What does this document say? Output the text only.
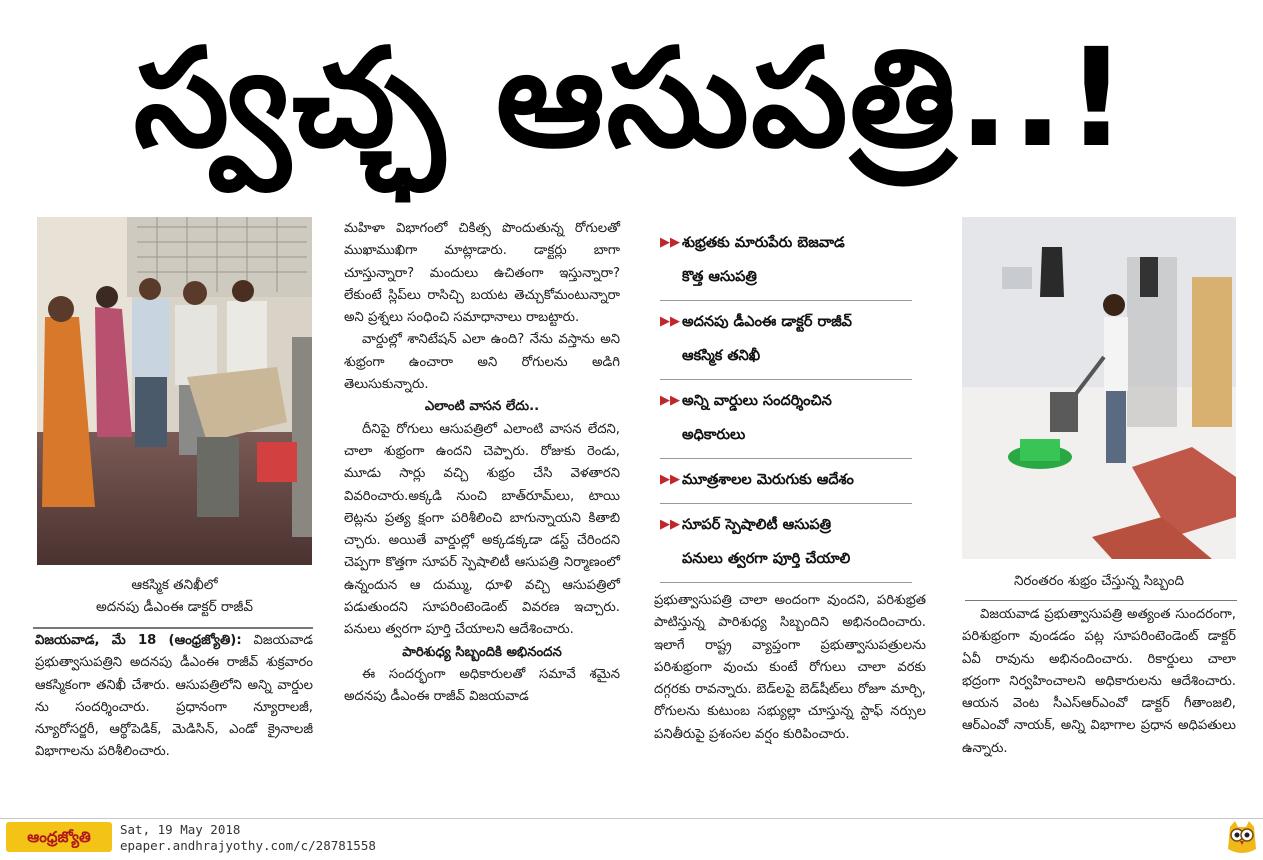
స్వచ్ఛ ఆసుపత్రి..!
ఆకస్మిక తనిఖీలో
అదనపు డీఎంఈ డాక్టర్ రాజీవ్

విజయవాడ, మే 18 (ఆంధ్రజ్యోతి): విజయవాడ ప్రభుత్వాసుపత్రిని అదనపు డీఎంఈ రాజీవ్ శుక్రవారం ఆకస్మికంగా తనిఖీ చేశారు. ఆసుపత్రిలోని అన్ని వార్డుల ను సందర్శించారు. ప్రధానంగా న్యూరాలజీ, న్యూరోసర్జరీ, ఆర్థోపెడిక్, మెడిసిన్, ఎండో క్రైనాలజీ విభాగాలను పరిశీలించారు.

మహిళా విభాగంలో చికిత్స పొందుతున్న రోగులతో ముఖాముఖిగా మాట్లాడారు. డాక్టర్లు బాగా చూస్తున్నారా? మందులు ఉచితంగా ఇస్తున్నారా? లేకుంటే స్లిప్‌లు రాసిచ్చి బయట తెచ్చుకోమంటున్నారా అని ప్రశ్నలు సంధించి సమాధానాలు రాబట్టారు.

వార్డుల్లో శానిటేషన్ ఎలా ఉంది? నేను వస్తాను అని శుభ్రంగా ఉంచారా అని రోగులను అడిగి తెలుసుకున్నారు.

ఎలాంటి వాసన లేదు..

దీనిపై రోగులు ఆసుపత్రిలో ఎలాంటి వాసన లేదని, చాలా శుభ్రంగా ఉందని చెప్పారు. రోజుకు రెండు, మూడు సార్లు వచ్చి శుభ్రం చేసి వెళతారని వివరించారు.అక్కడి నుంచి బాత్‌రూమ్‌లు, టాయి లెట్లను ప్రత్య క్షంగా పరిశీలించి బాగున్నాయని కితాబి చ్చారు. అయితే వార్డుల్లో అక్కడక్కడా డస్ట్ చేరిందని చెప్పగా కొత్తగా సూపర్ స్పెషాలిటీ ఆసుపత్రి నిర్మాణంలో ఉన్నందున ఆ దుమ్ము, ధూళి వచ్చి ఆసుపత్రిలో పడుతుందని సూపరింటెండెంట్ వివరణ ఇచ్చారు. పనులు త్వరగా పూర్తి చేయాలని ఆదేశించారు.

పారిశుధ్య సిబ్బందికి అభినందన

ఈ సందర్భంగా అధికారులతో సమావే శమైన అదనపు డీఎంఈ రాజీవ్ విజయవాడ

▶▶ శుభ్రతకు మారుపేరు బెజవాడ
కొత్త ఆసుపత్రి
▶▶ అదనపు డీఎంఈ డాక్టర్ రాజీవ్
ఆకస్మిక తనిఖీ
▶▶ అన్ని వార్డులు సందర్శించిన
అధికారులు
▶▶ మూత్రశాలల మెరుగుకు ఆదేశం
▶▶ సూపర్ స్పెషాలిటీ ఆసుపత్రి
పనులు త్వరగా పూర్తి చేయాలి

ప్రభుత్వాసుపత్రి చాలా అందంగా వుందని, పరిశుభ్రత పాటిస్తున్న పారిశుధ్య సిబ్బందిని అభినందించారు. ఇలాగే రాష్ట్ర వ్యాప్తంగా ప్రభుత్వాసుపత్రులను పరిశుభ్రంగా వుంచు కుంటే రోగులు చాలా వరకు దగ్గరకు రావన్నారు. బెడ్‌లపై బెడ్‌షీట్‌లు రోజూ మార్చి, రోగులను కుటుంబ సభ్యుల్లా చూస్తున్న స్టాఫ్ నర్సుల పనితీరుపై ప్రశంసల వర్షం కురిపించారు.

నిరంతరం శుభ్రం చేస్తున్న సిబ్బంది

విజయవాడ ప్రభుత్వాసుపత్రి అత్యంత సుందరంగా, పరిశుభ్రంగా వుండడం పట్ల సూపరింటెండెంట్ డాక్టర్ ఏవీ రావును అభినందించారు. రికార్డులు చాలా భద్రంగా నిర్వహించాలని అధికారులను ఆదేశించారు. ఆయన వెంట సీఎస్ఆర్ఎంవో డాక్టర్ గీతాంజలి, ఆర్ఎంవో నాయక్, అన్ని విభాగాల ప్రధాన అధిపతులు ఉన్నారు.

ఆంధ్రజ్యోతి	Sat, 19 May 2018
epaper.andhrajyothy.com/c/28781558
